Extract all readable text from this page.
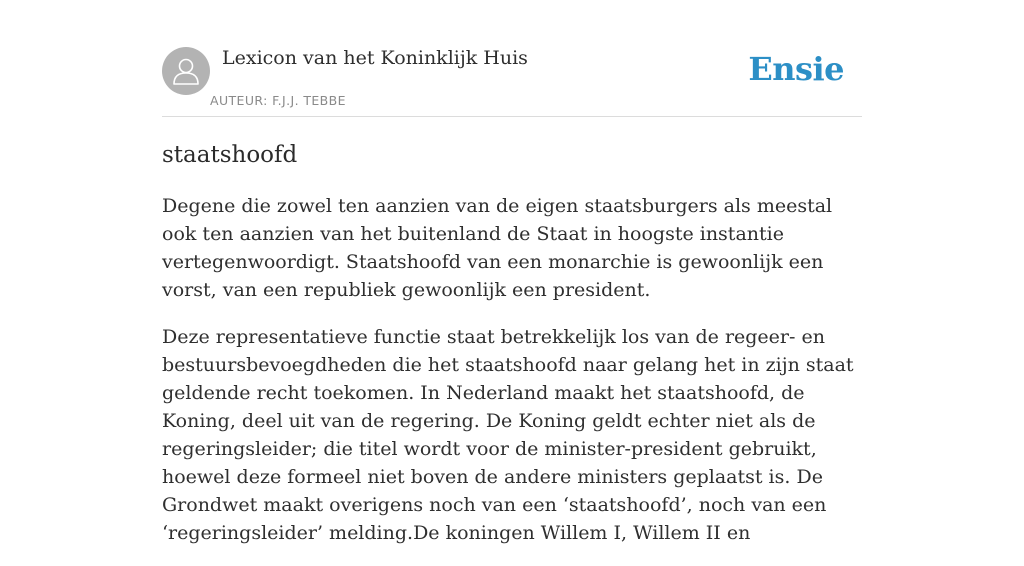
Lexicon van het Koninklijk Huis
AUTEUR: F.J.J. TEBBE
Ensie
staatshoofd

Degene die zowel ten aanzien van de eigen staatsburgers als meestal ook ten aanzien van het buitenland de Staat in hoogste instantie vertegenwoordigt. Staatshoofd van een monarchie is gewoonlijk een vorst, van een republiek gewoonlijk een president.

Deze representatieve functie staat betrekkelijk los van de regeer- en bestuursbevoegdheden die het staatshoofd naar gelang het in zijn staat geldende recht toekomen. In Nederland maakt het staatshoofd, de Koning, deel uit van de regering. De Koning geldt echter niet als de regeringsleider; die titel wordt voor de minister-president gebruikt, hoewel deze formeel niet boven de andere ministers geplaatst is. De Grondwet maakt overigens noch van een ‘staatshoofd’, noch van een ‘regeringsleider’ melding.De koningen Willem I, Willem II en
